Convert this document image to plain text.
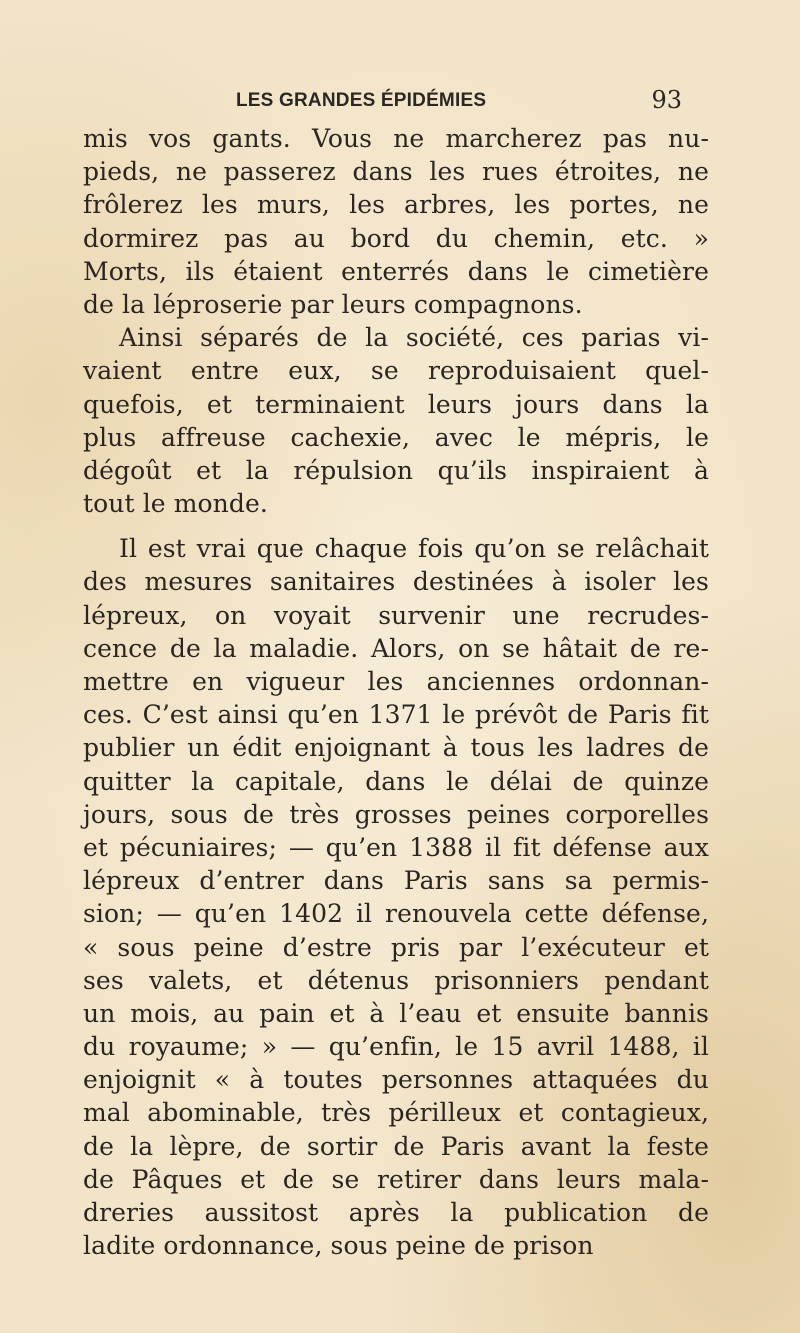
LES GRANDES ÉPIDÉMIES	93
mis vos gants. Vous ne marcherez pas nu-
pieds, ne passerez dans les rues étroites, ne
frôlerez les murs, les arbres, les portes, ne
dormirez pas au bord du chemin, etc. »
Morts, ils étaient enterrés dans le cimetière
de la léproserie par leurs compagnons.
Ainsi séparés de la société, ces parias vi-
vaient entre eux, se reproduisaient quel-
quefois, et terminaient leurs jours dans la
plus affreuse cachexie, avec le mépris, le
dégoût et la répulsion qu’ils inspiraient à
tout le monde.
Il est vrai que chaque fois qu’on se relâchait
des mesures sanitaires destinées à isoler les
lépreux, on voyait survenir une recrudes-
cence de la maladie. Alors, on se hâtait de re-
mettre en vigueur les anciennes ordonnan-
ces. C’est ainsi qu’en 1371 le prévôt de Paris fit
publier un édit enjoignant à tous les ladres de
quitter la capitale, dans le délai de quinze
jours, sous de très grosses peines corporelles
et pécuniaires; — qu’en 1388 il fit défense aux
lépreux d’entrer dans Paris sans sa permis-
sion; — qu’en 1402 il renouvela cette défense,
« sous peine d’estre pris par l’exécuteur et
ses valets, et détenus prisonniers pendant
un mois, au pain et à l’eau et ensuite bannis
du royaume; » — qu’enfin, le 15 avril 1488, il
enjoignit « à toutes personnes attaquées du
mal abominable, très périlleux et contagieux,
de la lèpre, de sortir de Paris avant la feste
de Pâques et de se retirer dans leurs mala-
dreries aussitost après la publication de
ladite ordonnance, sous peine de prison
